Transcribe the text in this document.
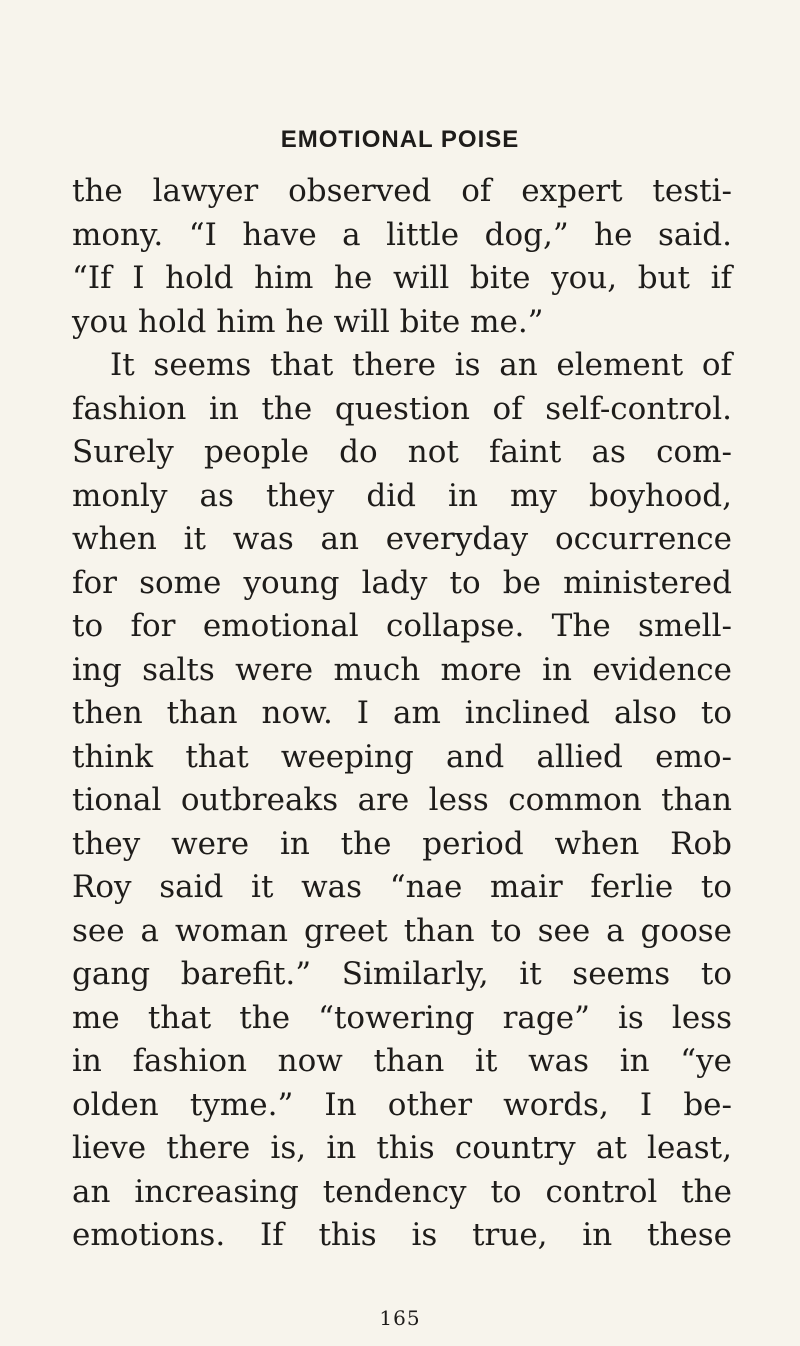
EMOTIONAL POISE
the lawyer observed of expert testi-
mony. “I have a little dog,” he said.
“If I hold him he will bite you, but if
you hold him he will bite me.”
It seems that there is an element of
fashion in the question of self-control.
Surely people do not faint as com-
monly as they did in my boyhood,
when it was an everyday occurrence
for some young lady to be ministered
to for emotional collapse. The smell-
ing salts were much more in evidence
then than now. I am inclined also to
think that weeping and allied emo-
tional outbreaks are less common than
they were in the period when Rob
Roy said it was “nae mair ferlie to
see a woman greet than to see a goose
gang barefit.” Similarly, it seems to
me that the “towering rage” is less
in fashion now than it was in “ye
olden tyme.” In other words, I be-
lieve there is, in this country at least,
an increasing tendency to control the
emotions. If this is true, in these
165
